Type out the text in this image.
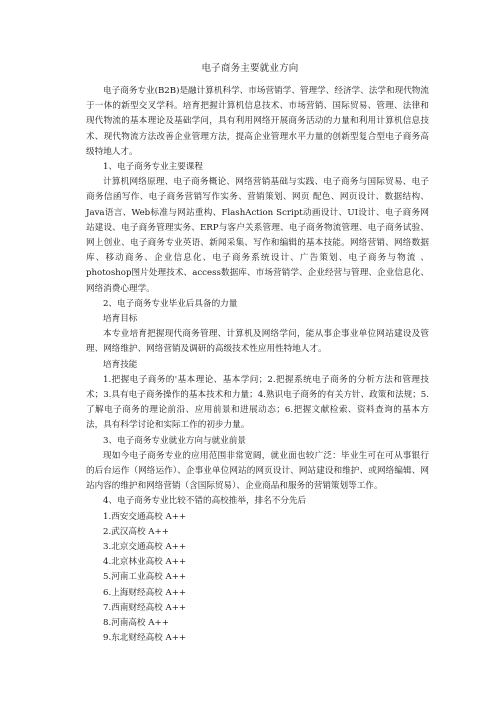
电子商务主要就业方向

电子商务专业(B2B)是融计算机科学、市场营销学、管理学、经济学、法学和现代物流于一体的新型交叉学科。培育把握计算机信息技术、市场营销、国际贸易、管理、法律和现代物流的基本理论及基础学问，具有利用网络开展商务活动的力量和利用计算机信息技术、现代物流方法改善企业管理方法，提高企业管理水平力量的创新型复合型电子商务高级特地人才。

1、电子商务专业主要课程

计算机网络原理、电子商务概论、网络营销基础与实践、电子商务与国际贸易、电子商务信函写作、电子商务营销写作实务、营销策划、网页 配色、网页设计、数据结构、Java语言、Web标准与网站重构、FlashAction Script动画设计、UI设计、电子商务网站建设、电子商务管理实务、ERP与客户关系管理、电子商务物流管理、电子商务试验、网上创业、电子商务专业英语、新闻采集、写作和编辑的基本技能。网络营销、网络数据库、移动商务、企业信息化、电子商务系统设计、广告策划、电子商务与物流 、photoshop图片处理技术、access数据库、市场营销学、企业经营与管理、企业信息化、网络消费心理学。

2、电子商务专业毕业后具备的力量

培育目标

本专业培育把握现代商务管理、计算机及网络学问，能从事企事业单位网站建设及管理、网络维护、网络营销及调研的高级技术性应用性特地人才。

培育技能

1.把握电子商务的'基本理论、基本学问；2.把握系统电子商务的分析方法和管理技术；3.具有电子商务操作的基本技术和力量；4.熟识电子商务的有关方针、政策和法规；5.了解电子商务的理论前沿、应用前景和进展动态；6.把握文献检索、资料查询的基本方法，具有科学讨论和实际工作的初步力量。

3、电子商务专业就业方向与就业前景

现如今电子商务专业的应用范围非常宽阔，就业面也较广泛：毕业生可在可从事银行的后台运作（网络运作）、企事业单位网站的网页设计、网站建设和维护、或网络编辑、网站内容的维护和网络营销（含国际贸易）、企业商品和服务的营销策划等工作。

4、电子商务专业比较不错的高校推举，排名不分先后

1.西安交通高校 A++
2.武汉高校 A++
3.北京交通高校 A++
4.北京林业高校 A++
5.河南工业高校 A++
6.上海财经高校 A++
7.西南财经高校 A++
8.河南高校 A++
9.东北财经高校 A++
